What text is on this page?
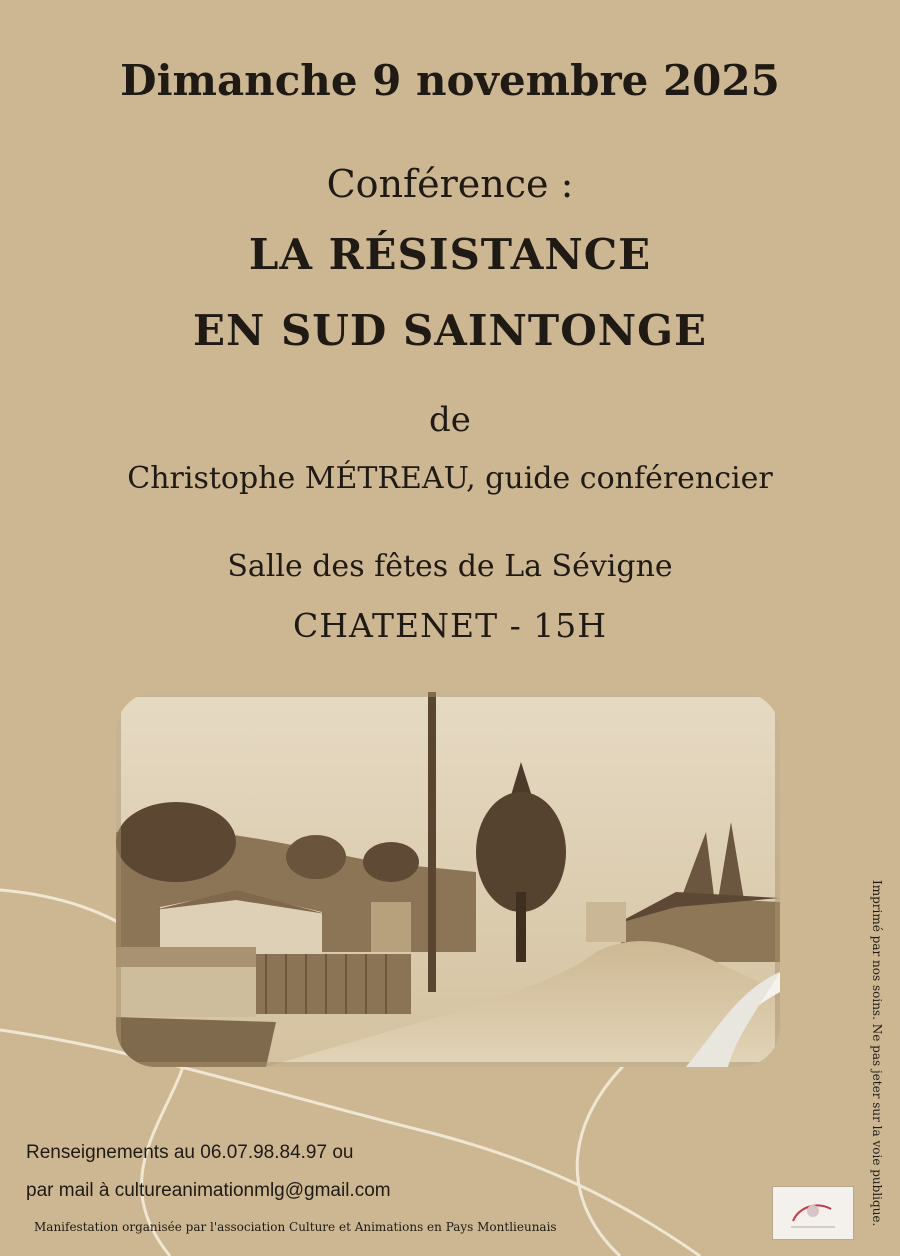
Dimanche 9 novembre 2025
Conférence :
LA RÉSISTANCE
EN SUD SAINTONGE
de
Christophe MÉTREAU, guide conférencier
Salle des fêtes de La Sévigne
CHATENET - 15H
Imprimé par nos soins. Ne pas jeter sur la voie publique.
Renseignements au 06.07.98.84.97 ou
par mail à cultureanimationmlg@gmail.com
Manifestation organisée par l'association Culture et Animations en Pays Montlieunais
